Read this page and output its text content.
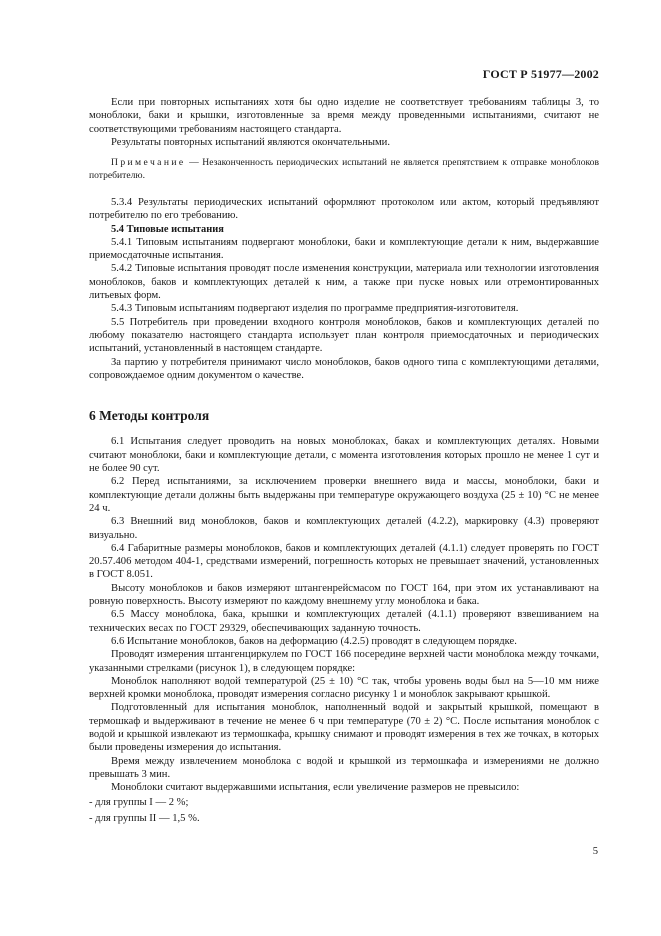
ГОСТ Р 51977—2002

Если при повторных испытаниях хотя бы одно изделие не соответствует требованиям таблицы 3, то моноблоки, баки и крышки, изготовленные за время между проведенными испытаниями, считают не соответствующими требованиям настоящего стандарта.

Результаты повторных испытаний являются окончательными.

Примечание — Незаконченность периодических испытаний не является препятствием к отправке моноблоков потребителю.

5.3.4 Результаты периодических испытаний оформляют протоколом или актом, который предъявляют потребителю по его требованию.

5.4 Типовые испытания

5.4.1 Типовым испытаниям подвергают моноблоки, баки и комплектующие детали к ним, выдержавшие приемосдаточные испытания.

5.4.2 Типовые испытания проводят после изменения конструкции, материала или технологии изготовления моноблоков, баков и комплектующих деталей к ним, а также при пуске новых или отремонтированных литьевых форм.

5.4.3 Типовым испытаниям подвергают изделия по программе предприятия-изготовителя.

5.5 Потребитель при проведении входного контроля моноблоков, баков и комплектующих деталей по любому показателю настоящего стандарта использует план контроля приемосдаточных и периодических испытаний, установленный в настоящем стандарте.

За партию у потребителя принимают число моноблоков, баков одного типа с комплектующими деталями, сопровождаемое одним документом о качестве.

6 Методы контроля

6.1 Испытания следует проводить на новых моноблоках, баках и комплектующих деталях. Новыми считают моноблоки, баки и комплектующие детали, с момента изготовления которых прошло не менее 1 сут и не более 90 сут.

6.2 Перед испытаниями, за исключением проверки внешнего вида и массы, моноблоки, баки и комплектующие детали должны быть выдержаны при температуре окружающего воздуха (25 ± 10) °С не менее 24 ч.

6.3 Внешний вид моноблоков, баков и комплектующих деталей (4.2.2), маркировку (4.3) проверяют визуально.

6.4 Габаритные размеры моноблоков, баков и комплектующих деталей (4.1.1) следует проверять по ГОСТ 20.57.406 методом 404-1, средствами измерений, погрешность которых не превышает значений, установленных в ГОСТ 8.051.

Высоту моноблоков и баков измеряют штангенрейсмасом по ГОСТ 164, при этом их устанавливают на ровную поверхность. Высоту измеряют по каждому внешнему углу моноблока и бака.

6.5 Массу моноблока, бака, крышки и комплектующих деталей (4.1.1) проверяют взвешиванием на технических весах по ГОСТ 29329, обеспечивающих заданную точность.

6.6 Испытание моноблоков, баков на деформацию (4.2.5) проводят в следующем порядке.

Проводят измерения штангенциркулем по ГОСТ 166 посередине верхней части моноблока между точками, указанными стрелками (рисунок 1), в следующем порядке:

Моноблок наполняют водой температурой (25 ± 10) °С так, чтобы уровень воды был на 5—10 мм ниже верхней кромки моноблока, проводят измерения согласно рисунку 1 и моноблок закрывают крышкой.

Подготовленный для испытания моноблок, наполненный водой и закрытый крышкой, помещают в термошкаф и выдерживают в течение не менее 6 ч при температуре (70 ± 2) °С. После испытания моноблок с водой и крышкой извлекают из термошкафа, крышку снимают и проводят измерения в тех же точках, в которых были проведены измерения до испытания.

Время между извлечением моноблока с водой и крышкой из термошкафа и измерениями не должно превышать 3 мин.

Моноблоки считают выдержавшими испытания, если увеличение размеров не превысило:

- для группы I — 2 %;

- для группы II — 1,5 %.

5
